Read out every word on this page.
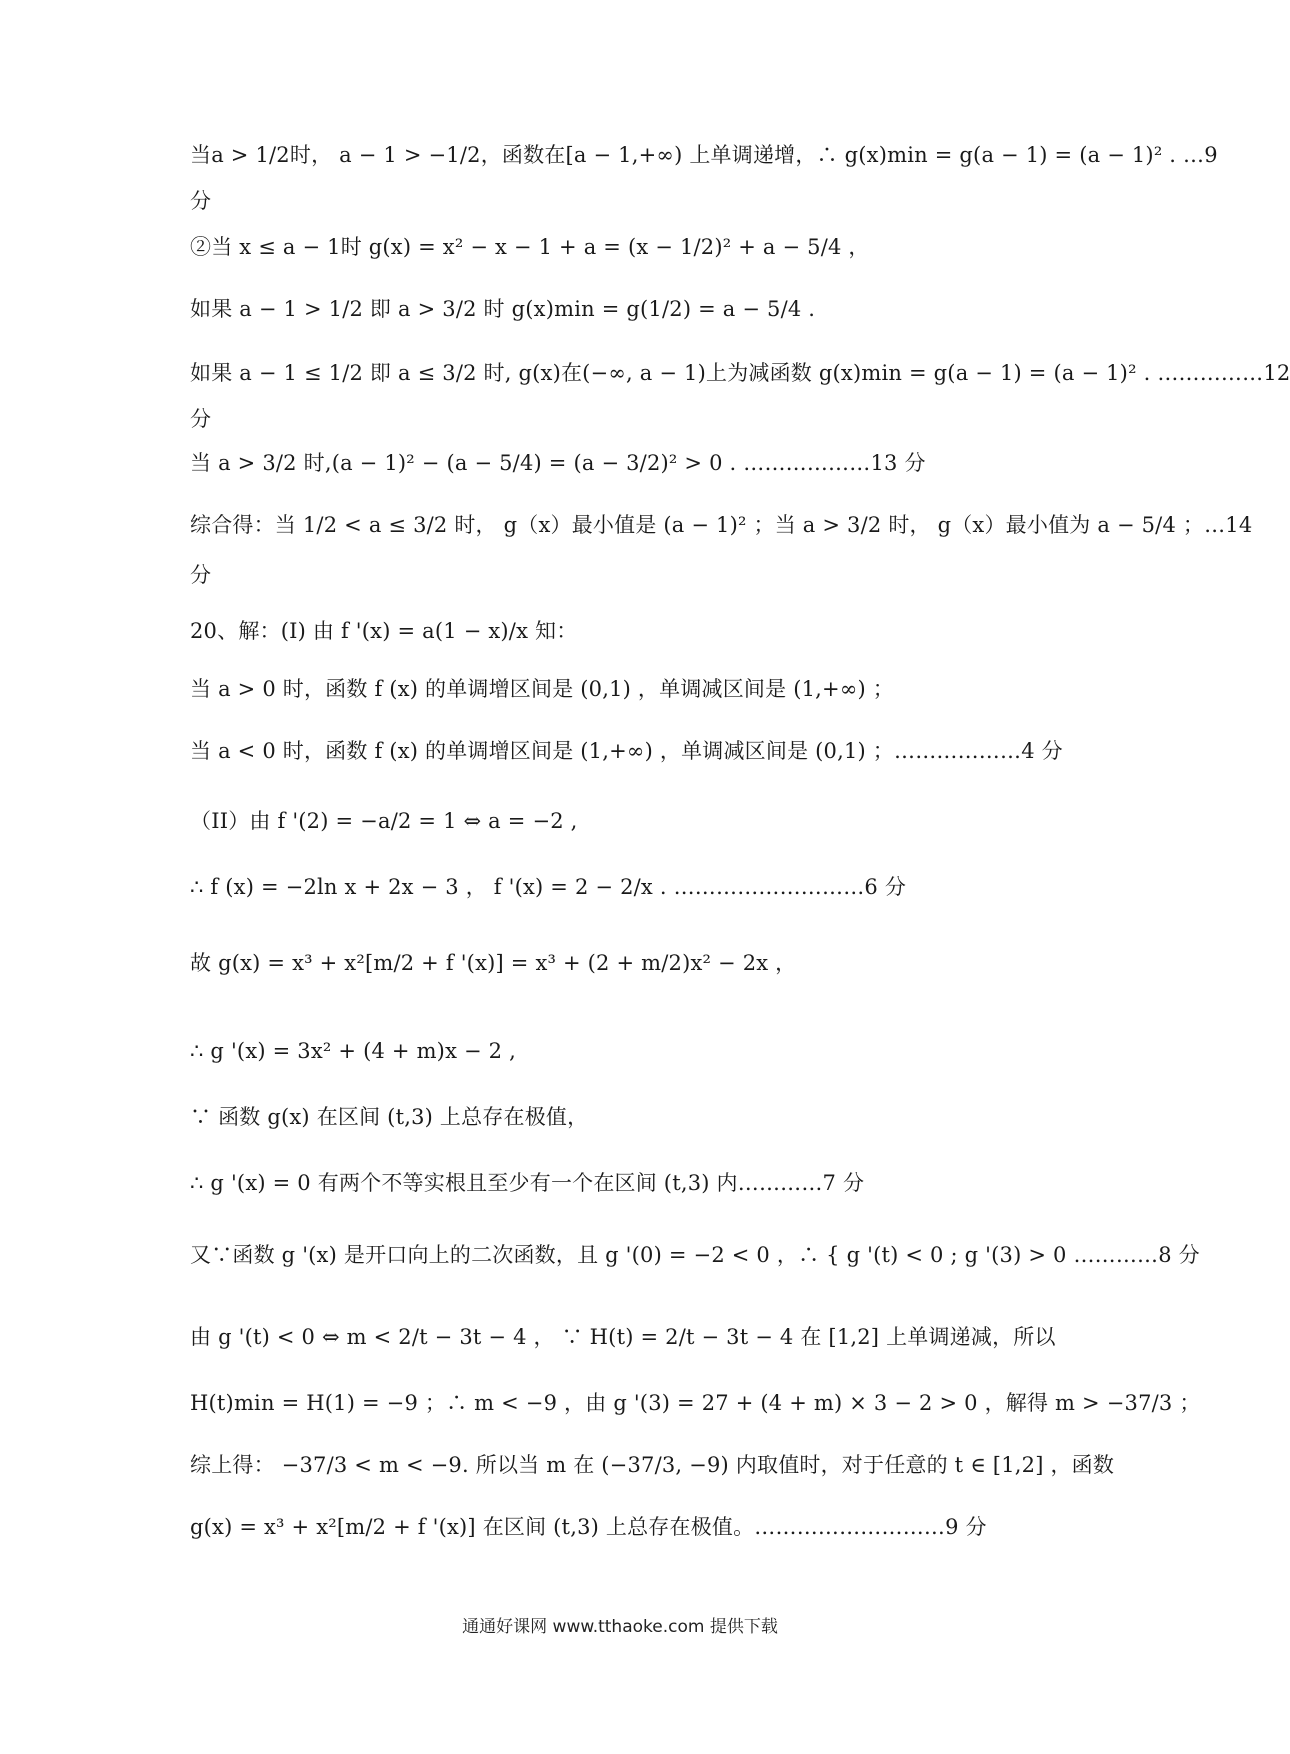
当a > 1/2时， a − 1 > −1/2，函数在[a − 1,+∞) 上单调递增，∴ g(x)min = g(a − 1) = (a − 1)² . …9
分
②当 x ≤ a − 1时 g(x) = x² − x − 1 + a = (x − 1/2)² + a − 5/4 ，
如果 a − 1 > 1/2 即 a > 3/2 时 g(x)min = g(1/2) = a − 5/4 .
如果 a − 1 ≤ 1/2 即 a ≤ 3/2 时, g(x)在(−∞, a − 1)上为减函数 g(x)min = g(a − 1) = (a − 1)² . ……………12
分
当 a > 3/2 时,(a − 1)² − (a − 5/4) = (a − 3/2)² > 0 . ………………13 分
综合得：当 1/2 < a ≤ 3/2 时， g（x）最小值是 (a − 1)² ；当 a > 3/2 时， g（x）最小值为 a − 5/4 ；…14
分
20、解：(I) 由 f '(x) = a(1 − x)/x 知：
当 a > 0 时，函数 f (x) 的单调增区间是 (0,1) ，单调减区间是 (1,+∞) ；
当 a < 0 时，函数 f (x) 的单调增区间是 (1,+∞) ，单调减区间是 (0,1) ；………………4 分
（II）由 f '(2) = −a/2 = 1 ⇔ a = −2 ,
∴ f (x) = −2ln x + 2x − 3 ， f '(x) = 2 − 2/x . ………………………6 分
故 g(x) = x³ + x²[m/2 + f '(x)] = x³ + (2 + m/2)x² − 2x ，
∴ g '(x) = 3x² + (4 + m)x − 2 ,
∵ 函数 g(x) 在区间 (t,3) 上总存在极值，
∴ g '(x) = 0 有两个不等实根且至少有一个在区间 (t,3) 内…………7 分
又∵函数 g '(x) 是开口向上的二次函数，且 g '(0) = −2 < 0 ，∴ { g '(t) < 0 ; g '(3) > 0 …………8 分
由 g '(t) < 0 ⇔ m < 2/t − 3t − 4 ， ∵ H(t) = 2/t − 3t − 4 在 [1,2] 上单调递减，所以
H(t)min = H(1) = −9 ；∴ m < −9 ，由 g '(3) = 27 + (4 + m) × 3 − 2 > 0 ，解得 m > −37/3 ；
综上得： −37/3 < m < −9. 所以当 m 在 (−37/3, −9) 内取值时，对于任意的 t ∈ [1,2] ，函数
g(x) = x³ + x²[m/2 + f '(x)] 在区间 (t,3) 上总存在极值。………………………9 分
通通好课网 www.tthaoke.com 提供下载
